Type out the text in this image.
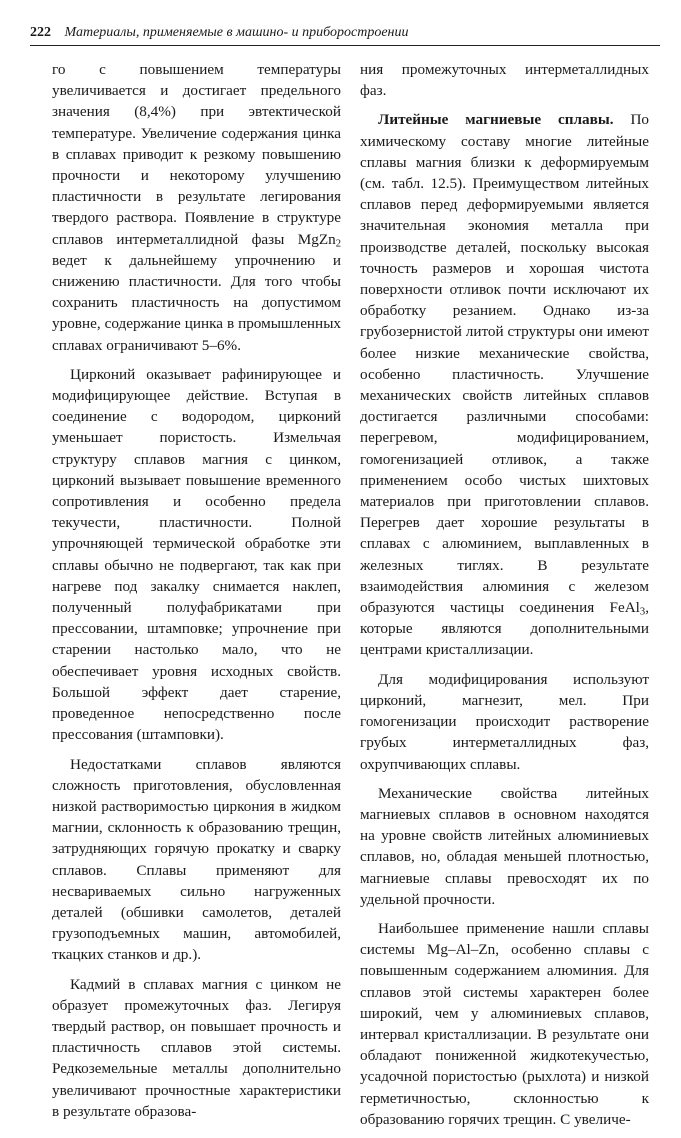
222 Материалы, применяемые в машино- и приборостроении

го с повышением температуры увеличивается и достигает предельного значения (8,4%) при эвтектической температуре. Увеличение содержания цинка в сплавах приводит к резкому повышению прочности и некоторому улучшению пластичности в результате легирования твердого раствора. Появление в структуре сплавов интерметаллидной фазы MgZn$_2$ ведет к дальнейшему упрочнению и снижению пластичности. Для того чтобы сохранить пластичность на допустимом уровне, содержание цинка в промышленных сплавах ограничивают 5–6%.

Цирконий оказывает рафинирующее и модифицирующее действие. Вступая в соединение с водородом, цирконий уменьшает пористость. Измельчая структуру сплавов магния с цинком, цирконий вызывает повышение временного сопротивления и особенно предела текучести, пластичности. Полной упрочняющей термической обработке эти сплавы обычно не подвергают, так как при нагреве под закалку снимается наклеп, полученный полуфабрикатами при прессовании, штамповке; упрочнение при старении настолько мало, что не обеспечивает уровня исходных свойств. Большой эффект дает старение, проведенное непосредственно после прессования (штамповки).

Недостатками сплавов являются сложность приготовления, обусловленная низкой растворимостью циркония в жидком магнии, склонность к образованию трещин, затрудняющих горячую прокатку и сварку сплавов. Сплавы применяют для несвариваемых сильно нагруженных деталей (обшивки самолетов, деталей грузоподъемных машин, автомобилей, ткацких станков и др.).

Кадмий в сплавах магния с цинком не образует промежуточных фаз. Легируя твердый раствор, он повышает прочность и пластичность сплавов этой системы. Редкоземельные металлы дополнительно увеличивают прочностные характеристики в результате образова-

ния промежуточных интерметаллидных фаз.

Литейные магниевые сплавы. По химическому составу многие литейные сплавы магния близки к деформируемым (см. табл. 12.5). Преимуществом литейных сплавов перед деформируемыми является значительная экономия металла при производстве деталей, поскольку высокая точность размеров и хорошая чистота поверхности отливок почти исключают их обработку резанием. Однако из-за грубозернистой литой структуры они имеют более низкие механические свойства, особенно пластичность. Улучшение механических свойств литейных сплавов достигается различными способами: перегревом, модифицированием, гомогенизацией отливок, а также применением особо чистых шихтовых материалов при приготовлении сплавов. Перегрев дает хорошие результаты в сплавах с алюминием, выплавленных в железных тиглях. В результате взаимодействия алюминия с железом образуются частицы соединения FeAl$_3$, которые являются дополнительными центрами кристаллизации.

Для модифицирования используют цирконий, магнезит, мел. При гомогенизации происходит растворение грубых интерметаллидных фаз, охрупчивающих сплавы.

Механические свойства литейных магниевых сплавов в основном находятся на уровне свойств литейных алюминиевых сплавов, но, обладая меньшей плотностью, магниевые сплавы превосходят их по удельной прочности.

Наибольшее применение нашли сплавы системы Mg–Al–Zn, особенно сплавы с повышенным содержанием алюминия. Для сплавов этой системы характерен более широкий, чем у алюминиевых сплавов, интервал кристаллизации. В результате они обладают пониженной жидкотекучестью, усадочной пористостью (рыхлота) и низкой герметичностью, склонностью к образованию горячих трещин. С увеличе-
